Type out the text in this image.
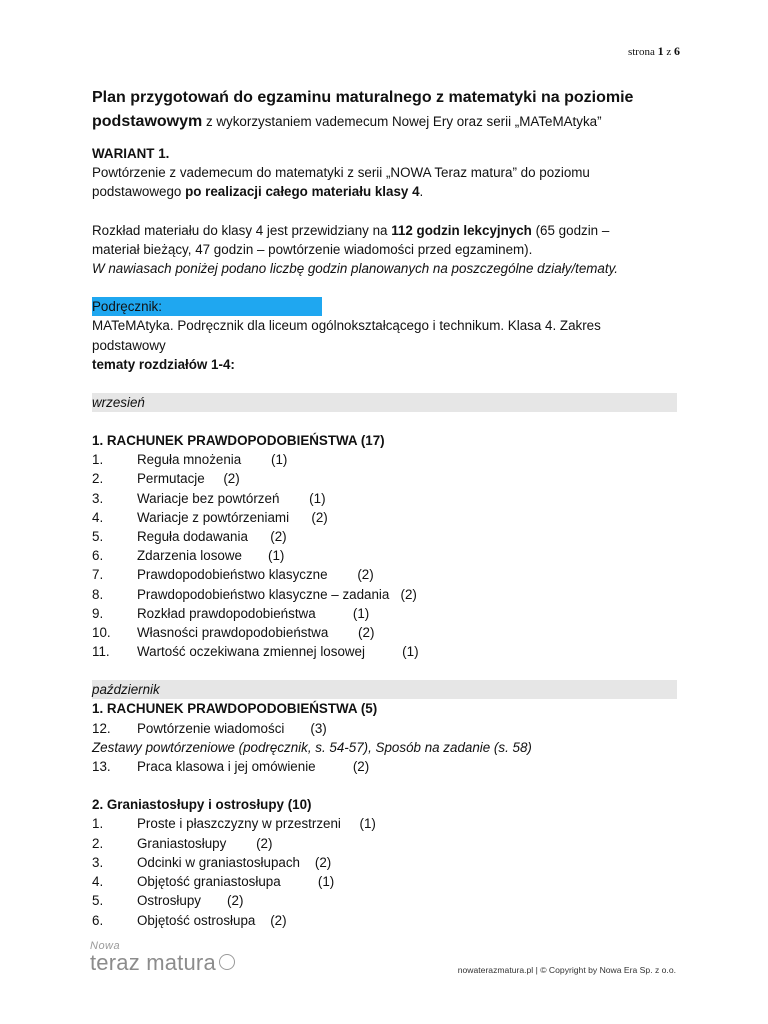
strona 1 z 6
Plan przygotowań do egzaminu maturalnego z matematyki na poziomie
podstawowym z wykorzystaniem vademecum Nowej Ery oraz serii „MATeMAtyka”
WARIANT 1.
Powtórzenie z vademecum do matematyki z serii „NOWA Teraz matura” do poziomu
podstawowego po realizacji całego materiału klasy 4.
Rozkład materiału do klasy 4 jest przewidziany na 112 godzin lekcyjnych (65 godzin –
materiał bieżący, 47 godzin – powtórzenie wiadomości przed egzaminem).
W nawiasach poniżej podano liczbę godzin planowanych na poszczególne działy/tematy.
Podręcznik:
MATeMAtyka. Podręcznik dla liceum ogólnokształcącego i technikum. Klasa 4. Zakres
podstawowy
tematy rozdziałów 1-4:
wrzesień
1. RACHUNEK PRAWDOPODOBIEŃSTWA (17)
1.	Reguła mnożenia        (1)
2.	Permutacje     (2)
3.	Wariacje bez powtórzeń        (1)
4.	Wariacje z powtórzeniami      (2)
5.	Reguła dodawania      (2)
6.	Zdarzenia losowe       (1)
7.	Prawdopodobieństwo klasyczne        (2)
8.	Prawdopodobieństwo klasyczne – zadania   (2)
9.	Rozkład prawdopodobieństwa          (1)
10.	Własności prawdopodobieństwa        (2)
11.	Wartość oczekiwana zmiennej losowej          (1)
październik
1. RACHUNEK PRAWDOPODOBIEŃSTWA (5)
12.	Powtórzenie wiadomości       (3)
Zestawy powtórzeniowe (podręcznik, s. 54-57), Sposób na zadanie (s. 58)
13.	Praca klasowa i jej omówienie          (2)
2. Graniastosłupy i ostrosłupy (10)
1.	Proste i płaszczyzny w przestrzeni     (1)
2.	Graniastosłupy        (2)
3.	Odcinki w graniastosłupach    (2)
4.	Objętość graniastosłupa          (1)
5.	Ostrosłupy       (2)
6.	Objętość ostrosłupa    (2)
Nowa
teraz matura	nowaterazmatura.pl | © Copyright by Nowa Era Sp. z o.o.
